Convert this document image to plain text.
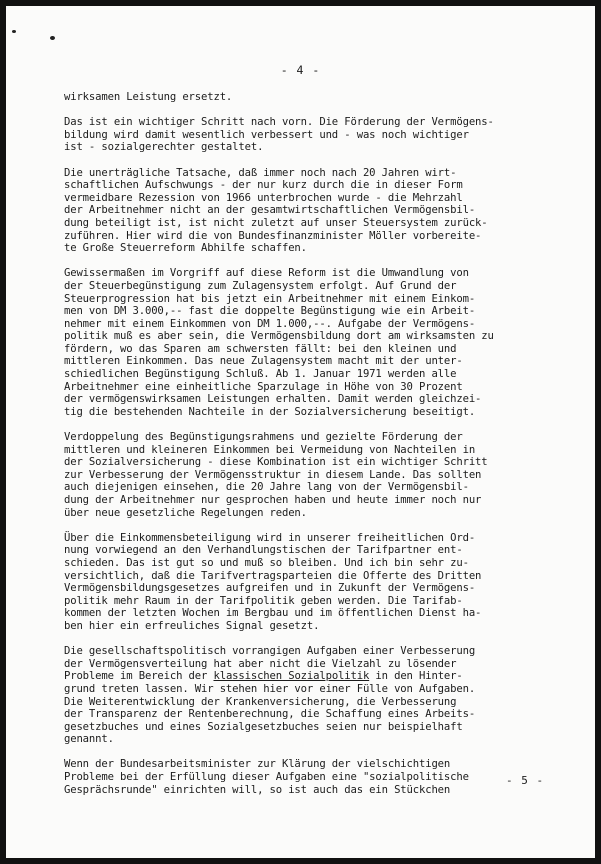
- 4 -
wirksamen Leistung ersetzt.
Das ist ein wichtiger Schritt nach vorn. Die Förderung der Vermögens-
bildung wird damit wesentlich verbessert und - was noch wichtiger
ist - sozialgerechter gestaltet.
Die unerträgliche Tatsache, daß immer noch nach 20 Jahren wirt-
schaftlichen Aufschwungs - der nur kurz durch die in dieser Form
vermeidbare Rezession von 1966 unterbrochen wurde - die Mehrzahl
der Arbeitnehmer nicht an der gesamtwirtschaftlichen Vermögensbil-
dung beteiligt ist, ist nicht zuletzt auf unser Steuersystem zurück-
zuführen. Hier wird die von Bundesfinanzminister Möller vorbereite-
te Große Steuerreform Abhilfe schaffen.
Gewissermaßen im Vorgriff auf diese Reform ist die Umwandlung von
der Steuerbegünstigung zum Zulagensystem erfolgt. Auf Grund der
Steuerprogression hat bis jetzt ein Arbeitnehmer mit einem Einkom-
men von DM 3.000,-- fast die doppelte Begünstigung wie ein Arbeit-
nehmer mit einem Einkommen von DM 1.000,--. Aufgabe der Vermögens-
politik muß es aber sein, die Vermögensbildung dort am wirksamsten zu
fördern, wo das Sparen am schwersten fällt: bei den kleinen und
mittleren Einkommen. Das neue Zulagensystem macht mit der unter-
schiedlichen Begünstigung Schluß. Ab 1. Januar 1971 werden alle
Arbeitnehmer eine einheitliche Sparzulage in Höhe von 30 Prozent
der vermögenswirksamen Leistungen erhalten. Damit werden gleichzei-
tig die bestehenden Nachteile in der Sozialversicherung beseitigt.
Verdoppelung des Begünstigungsrahmens und gezielte Förderung der
mittleren und kleineren Einkommen bei Vermeidung von Nachteilen in
der Sozialversicherung - diese Kombination ist ein wichtiger Schritt
zur Verbesserung der Vermögensstruktur in diesem Lande. Das sollten
auch diejenigen einsehen, die 20 Jahre lang von der Vermögensbil-
dung der Arbeitnehmer nur gesprochen haben und heute immer noch nur
über neue gesetzliche Regelungen reden.
Über die Einkommensbeteiligung wird in unserer freiheitlichen Ord-
nung vorwiegend an den Verhandlungstischen der Tarifpartner ent-
schieden. Das ist gut so und muß so bleiben. Und ich bin sehr zu-
versichtlich, daß die Tarifvertragsparteien die Offerte des Dritten
Vermögensbildungsgesetzes aufgreifen und in Zukunft der Vermögens-
politik mehr Raum in der Tarifpolitik geben werden. Die Tarifab-
kommen der letzten Wochen im Bergbau und im öffentlichen Dienst ha-
ben hier ein erfreuliches Signal gesetzt.
Die gesellschaftspolitisch vorrangigen Aufgaben einer Verbesserung
der Vermögensverteilung hat aber nicht die Vielzahl zu lösender
Probleme im Bereich der klassischen Sozialpolitik in den Hinter-
grund treten lassen. Wir stehen hier vor einer Fülle von Aufgaben.
Die Weiterentwicklung der Krankenversicherung, die Verbesserung
der Transparenz der Rentenberechnung, die Schaffung eines Arbeits-
gesetzbuches und eines Sozialgesetzbuches seien nur beispielhaft
genannt.
Wenn der Bundesarbeitsminister zur Klärung der vielschichtigen
Probleme bei der Erfüllung dieser Aufgaben eine "sozialpolitische
Gesprächsrunde" einrichten will, so ist auch das ein Stückchen
- 5 -
